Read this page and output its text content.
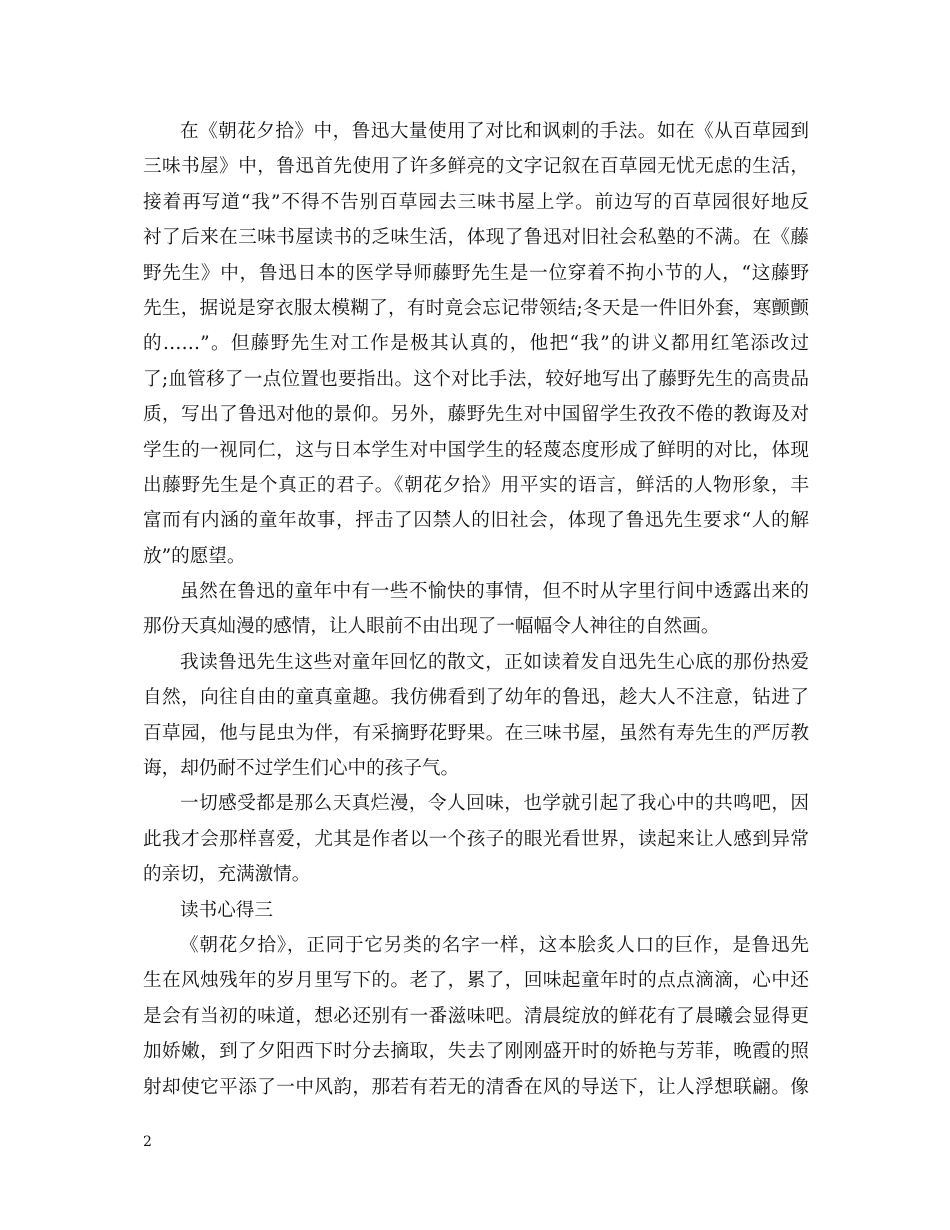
在《朝花夕拾》中，鲁迅大量使用了对比和讽刺的手法。如在《从百草园到
三味书屋》中，鲁迅首先使用了许多鲜亮的文字记叙在百草园无忧无虑的生活，
接着再写道“我”不得不告别百草园去三味书屋上学。前边写的百草园很好地反
衬了后来在三味书屋读书的乏味生活，体现了鲁迅对旧社会私塾的不满。在《藤
野先生》中，鲁迅日本的医学导师藤野先生是一位穿着不拘小节的人，“这藤野
先生，据说是穿衣服太模糊了，有时竟会忘记带领结;冬天是一件旧外套，寒颤颤
的……”。但藤野先生对工作是极其认真的，他把“我”的讲义都用红笔添改过
了;血管移了一点位置也要指出。这个对比手法，较好地写出了藤野先生的高贵品
质，写出了鲁迅对他的景仰。另外，藤野先生对中国留学生孜孜不倦的教诲及对
学生的一视同仁，这与日本学生对中国学生的轻蔑态度形成了鲜明的对比，体现
出藤野先生是个真正的君子。《朝花夕拾》用平实的语言，鲜活的人物形象，丰
富而有内涵的童年故事，抨击了囚禁人的旧社会，体现了鲁迅先生要求“人的解
放”的愿望。
虽然在鲁迅的童年中有一些不愉快的事情，但不时从字里行间中透露出来的
那份天真灿漫的感情，让人眼前不由出现了一幅幅令人神往的自然画。
我读鲁迅先生这些对童年回忆的散文，正如读着发自迅先生心底的那份热爱
自然，向往自由的童真童趣。我仿佛看到了幼年的鲁迅，趁大人不注意，钻进了
百草园，他与昆虫为伴，有采摘野花野果。在三味书屋，虽然有寿先生的严厉教
诲，却仍耐不过学生们心中的孩子气。
一切感受都是那么天真烂漫，令人回味，也学就引起了我心中的共鸣吧，因
此我才会那样喜爱，尤其是作者以一个孩子的眼光看世界，读起来让人感到异常
的亲切，充满激情。
读书心得三
《朝花夕拾》，正同于它另类的名字一样，这本脍炙人口的巨作，是鲁迅先
生在风烛残年的岁月里写下的。老了，累了，回味起童年时的点点滴滴，心中还
是会有当初的味道，想必还别有一番滋味吧。清晨绽放的鲜花有了晨曦会显得更
加娇嫩，到了夕阳西下时分去摘取，失去了刚刚盛开时的娇艳与芳菲，晚霞的照
射却使它平添了一中风韵，那若有若无的清香在风的导送下，让人浮想联翩。像
2
